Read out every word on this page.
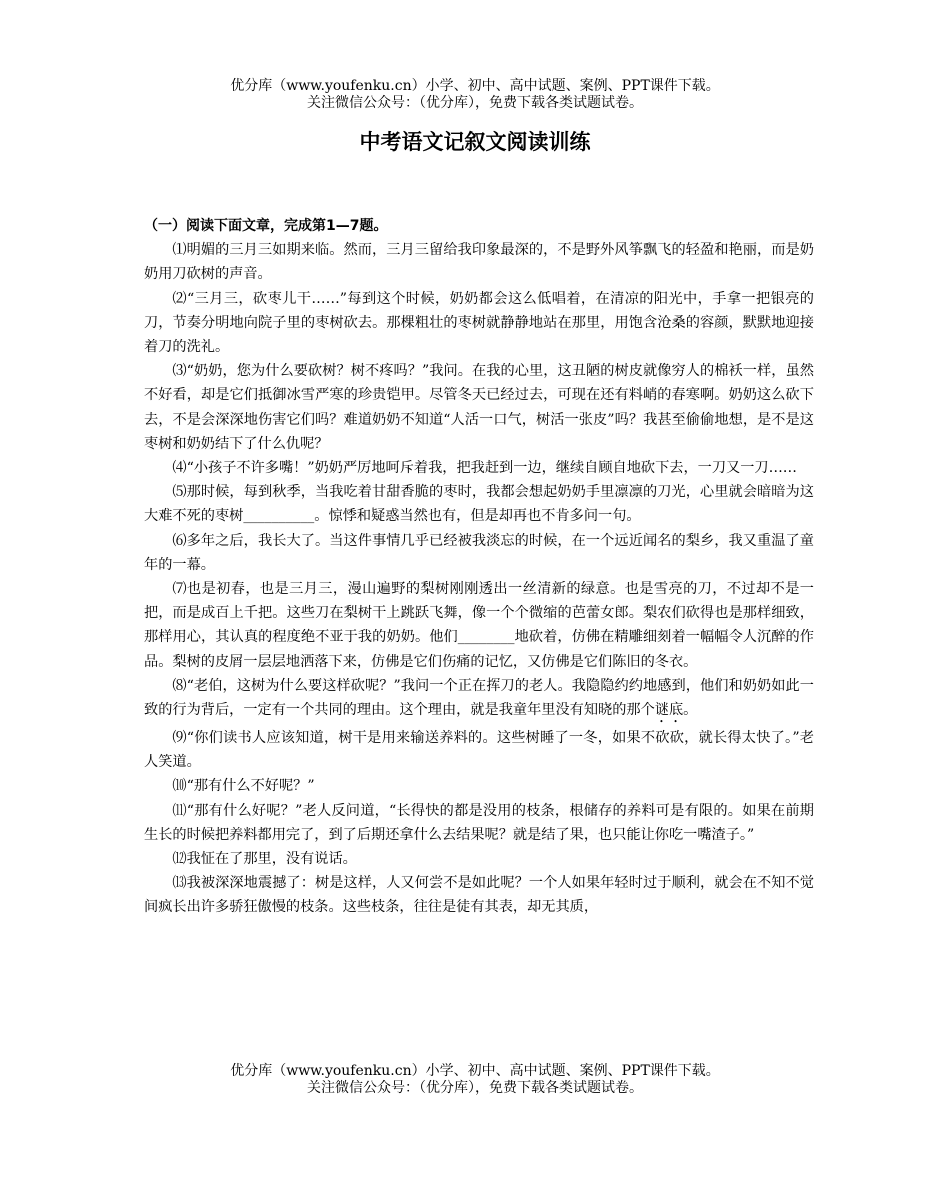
优分库（www.youfenku.cn）小学、初中、高中试题、案例、PPT课件下载。
关注微信公众号：（优分库），免费下载各类试题试卷。
中考语文记叙文阅读训练

（一）阅读下面文章，完成第1—7题。

⑴明媚的三月三如期来临。然而，三月三留给我印象最深的，不是野外风筝飘飞的轻盈和艳丽，而是奶奶用刀砍树的声音。

⑵“三月三，砍枣儿干……”每到这个时候，奶奶都会这么低唱着，在清凉的阳光中，手拿一把银亮的刀，节奏分明地向院子里的枣树砍去。那棵粗壮的枣树就静静地站在那里，用饱含沧桑的容颜，默默地迎接着刀的洗礼。

⑶“奶奶，您为什么要砍树？树不疼吗？”我问。在我的心里，这丑陋的树皮就像穷人的棉袄一样，虽然不好看，却是它们抵御冰雪严寒的珍贵铠甲。尽管冬天已经过去，可现在还有料峭的春寒啊。奶奶这么砍下去，不是会深深地伤害它们吗？难道奶奶不知道“人活一口气，树活一张皮”吗？我甚至偷偷地想，是不是这枣树和奶奶结下了什么仇呢？

⑷“小孩子不许多嘴！”奶奶严厉地呵斥着我，把我赶到一边，继续自顾自地砍下去，一刀又一刀……

⑸那时候，每到秋季，当我吃着甘甜香脆的枣时，我都会想起奶奶手里凛凛的刀光，心里就会暗暗为这大难不死的枣树__________。惊悸和疑惑当然也有，但是却再也不肯多问一句。

⑹多年之后，我长大了。当这件事情几乎已经被我淡忘的时候，在一个远近闻名的梨乡，我又重温了童年的一幕。

⑺也是初春，也是三月三，漫山遍野的梨树刚刚透出一丝清新的绿意。也是雪亮的刀，不过却不是一把，而是成百上千把。这些刀在梨树干上跳跃飞舞，像一个个微缩的芭蕾女郎。梨农们砍得也是那样细致，那样用心，其认真的程度绝不亚于我的奶奶。他们________地砍着，仿佛在精雕细刻着一幅幅令人沉醉的作品。梨树的皮屑一层层地洒落下来，仿佛是它们伤痛的记忆，又仿佛是它们陈旧的冬衣。

⑻“老伯，这树为什么要这样砍呢？”我问一个正在挥刀的老人。我隐隐约约地感到，他们和奶奶如此一致的行为背后，一定有一个共同的理由。这个理由，就是我童年里没有知晓的那个谜底。

⑼“你们读书人应该知道，树干是用来输送养料的。这些树睡了一冬，如果不砍砍，就长得太快了。”老人笑道。

⑽“那有什么不好呢？”

⑾“那有什么好呢？”老人反问道，“长得快的都是没用的枝条，根储存的养料可是有限的。如果在前期生长的时候把养料都用完了，到了后期还拿什么去结果呢？就是结了果，也只能让你吃一嘴渣子。”

⑿我怔在了那里，没有说话。

⒀我被深深地震撼了：树是这样，人又何尝不是如此呢？一个人如果年轻时过于顺利，就会在不知不觉间疯长出许多骄狂傲慢的枝条。这些枝条，往往是徒有其表，却无其质，

优分库（www.youfenku.cn）小学、初中、高中试题、案例、PPT课件下载。
关注微信公众号：（优分库），免费下载各类试题试卷。
